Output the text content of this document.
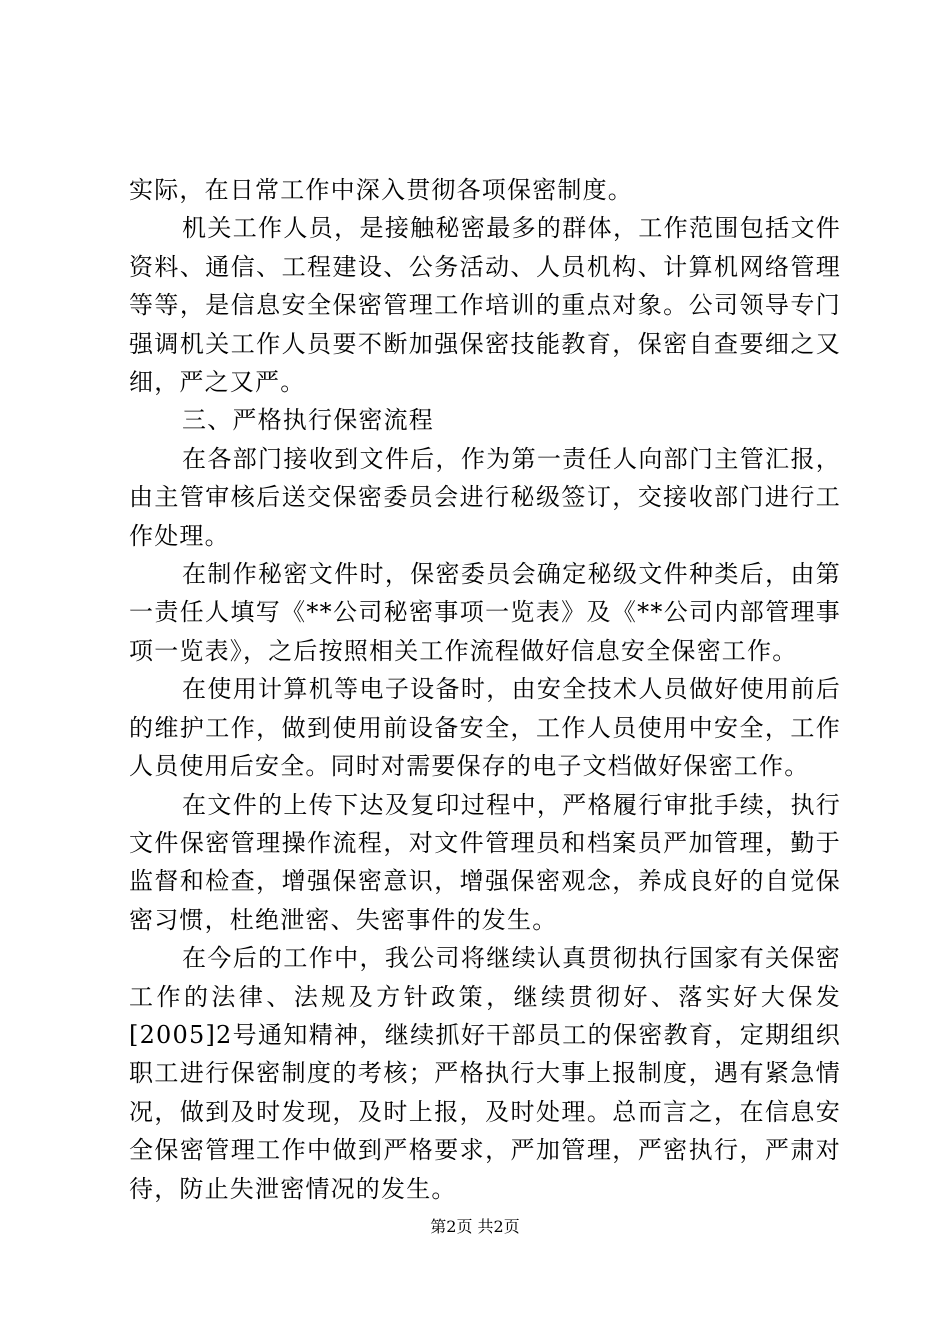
实际，在日常工作中深入贯彻各项保密制度。

机关工作人员，是接触秘密最多的群体，工作范围包括文件资料、通信、工程建设、公务活动、人员机构、计算机网络管理等等，是信息安全保密管理工作培训的重点对象。公司领导专门强调机关工作人员要不断加强保密技能教育，保密自查要细之又细，严之又严。

三、严格执行保密流程

在各部门接收到文件后，作为第一责任人向部门主管汇报，由主管审核后送交保密委员会进行秘级签订，交接收部门进行工作处理。

在制作秘密文件时，保密委员会确定秘级文件种类后，由第一责任人填写《**公司秘密事项一览表》及《**公司内部管理事项一览表》，之后按照相关工作流程做好信息安全保密工作。

在使用计算机等电子设备时，由安全技术人员做好使用前后的维护工作，做到使用前设备安全，工作人员使用中安全，工作人员使用后安全。同时对需要保存的电子文档做好保密工作。

在文件的上传下达及复印过程中，严格履行审批手续，执行文件保密管理操作流程，对文件管理员和档案员严加管理，勤于监督和检查，增强保密意识，增强保密观念，养成良好的自觉保密习惯，杜绝泄密、失密事件的发生。

在今后的工作中，我公司将继续认真贯彻执行国家有关保密工作的法律、法规及方针政策，继续贯彻好、落实好大保发[2005]2号通知精神，继续抓好干部员工的保密教育，定期组织职工进行保密制度的考核；严格执行大事上报制度，遇有紧急情况，做到及时发现，及时上报，及时处理。总而言之，在信息安全保密管理工作中做到严格要求，严加管理，严密执行，严肃对待，防止失泄密情况的发生。

第2页 共2页
